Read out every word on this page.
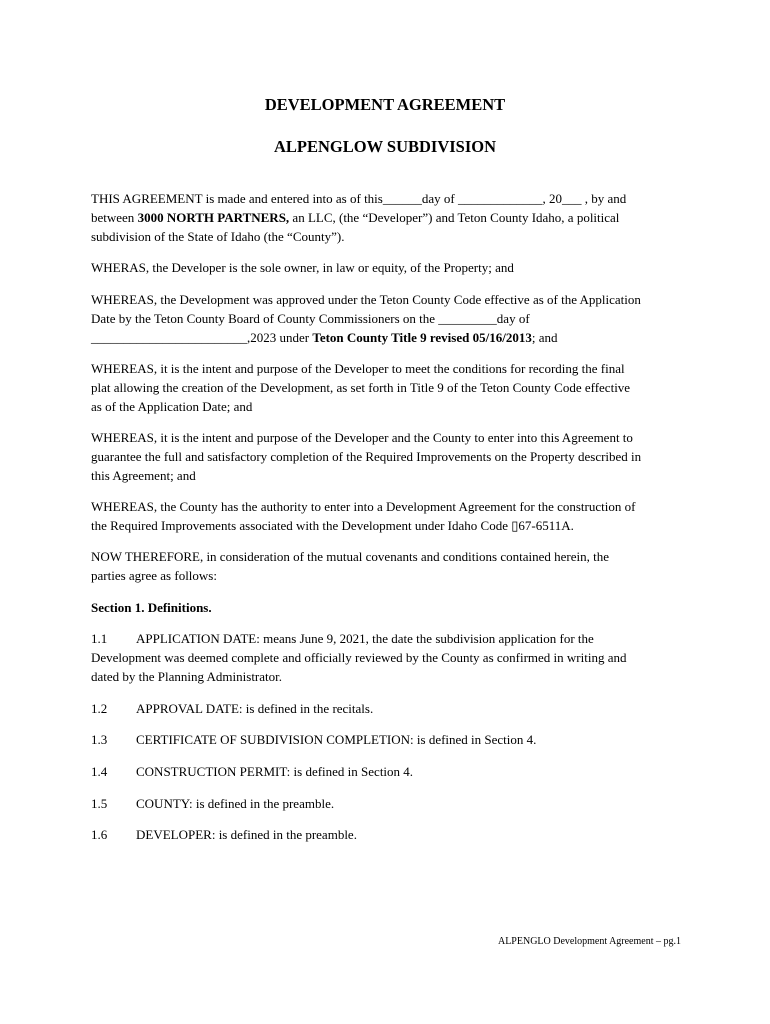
DEVELOPMENT AGREEMENT
ALPENGLOW SUBDIVISION

THIS AGREEMENT is made and entered into as of this______day of _____________, 20___ , by and
between 3000 NORTH PARTNERS, an LLC, (the “Developer”) and Teton County Idaho, a political
subdivision of the State of Idaho (the “County”).

WHERAS, the Developer is the sole owner, in law or equity, of the Property; and

WHEREAS, the Development was approved under the Teton County Code effective as of the Application
Date by the Teton County Board of County Commissioners on the _________day of
________________________,2023 under Teton County Title 9 revised 05/16/2013; and

WHEREAS, it is the intent and purpose of the Developer to meet the conditions for recording the final
plat allowing the creation of the Development, as set forth in Title 9 of the Teton County Code effective
as of the Application Date; and

WHEREAS, it is the intent and purpose of the Developer and the County to enter into this Agreement to
guarantee the full and satisfactory completion of the Required Improvements on the Property described in
this Agreement; and

WHEREAS, the County has the authority to enter into a Development Agreement for the construction of
the Required Improvements associated with the Development under Idaho Code ▯67-6511A.

NOW THEREFORE, in consideration of the mutual covenants and conditions contained herein, the
parties agree as follows:

Section 1. Definitions.

1.1 APPLICATION DATE: means June 9, 2021, the date the subdivision application for the
Development was deemed complete and officially reviewed by the County as confirmed in writing and
dated by the Planning Administrator.

1.2 APPROVAL DATE: is defined in the recitals.

1.3 CERTIFICATE OF SUBDIVISION COMPLETION: is defined in Section 4.

1.4 CONSTRUCTION PERMIT: is defined in Section 4.

1.5 COUNTY: is defined in the preamble.

1.6 DEVELOPER: is defined in the preamble.

ALPENGLO Development Agreement – pg.1
